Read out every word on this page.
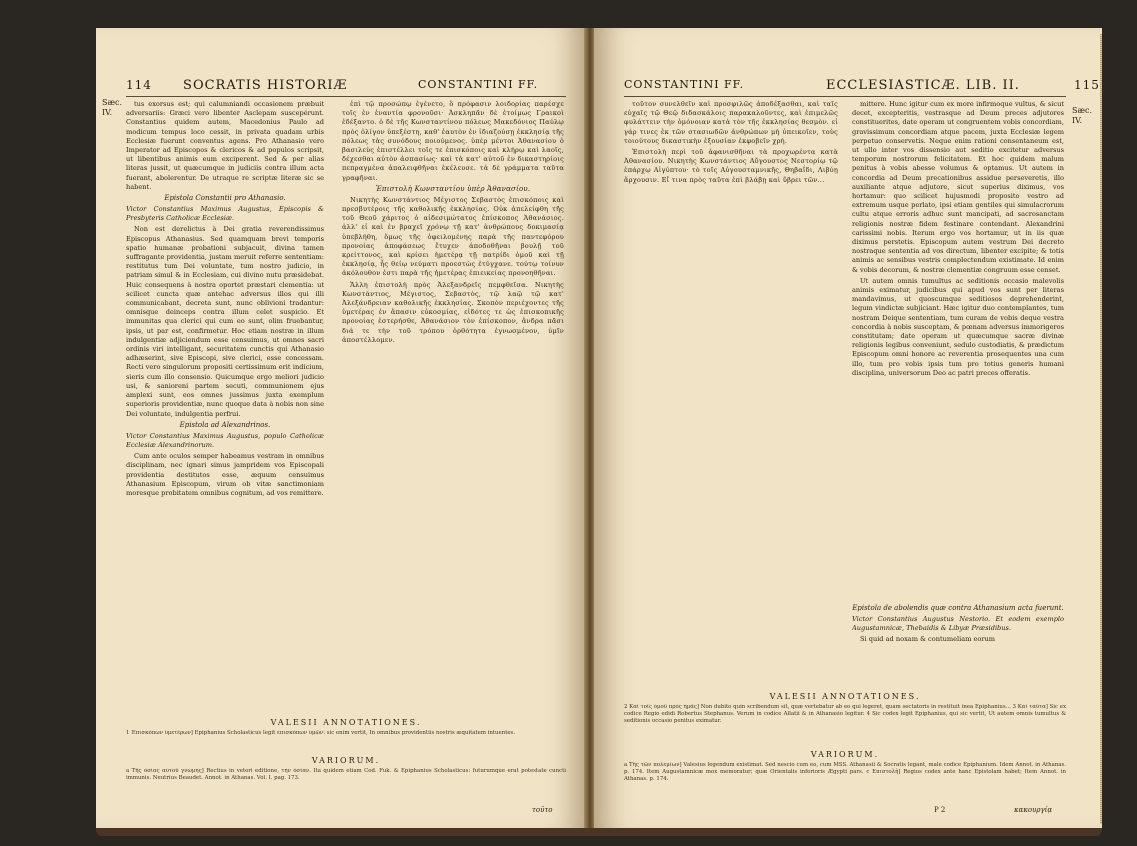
114 SOCRATIS HISTORIÆ	CONSTANTINI FF.
Sæc. IV.

tus exorsus est; qui calumniandi occasionem præbuit adversariis: Græci vero libenter Asclepam suscepérunt. Constantius quidem autem, Macedonius Paulo ad modicum tempus loco cessit, in privata quadam urbis Ecclesiæ fuerunt conventus agens. Pro Athanasio vero Imperator ad Episcopos & clericos & ad populos scripsit, ut libentibus animis eum exciperent. Sed & per alias literas jussit, ut quæcumque in judiciis contra illum acta fuerant, abolerentur. De utraque re scriptæ literæ sic se habent.

Epistola Constantii pro Athanasio.

Victor Constantius Maximus Augustus, Episcopis & Presbyteris Catholicæ Ecclesiæ.

Non est derelictus à Dei gratia reverendissimus Episcopus Athanasius. Sed quamquam brevi temporis spatio humanæ probationi subjacuit, divina tamen suffragante providentia, justam meruit referre sententiam: restitutus tum Dei voluntate, tum nostro judicio, in patriam simul & in Ecclesiam, cui divino nutu præsidebat. Huic consequens à nostra oportet præstari clementia: ut scilicet cuncta quæ antehac adversus illos qui illi communicabant, decreta sunt, nunc oblivioni tradantur: omnisque deinceps contra illum celet suspicio. Et immunitas qua clerici qui cum eo sunt, olim fruebantur, ipsis, ut par est, confirmetur. Hoc etiam nostræ in illum indulgentiæ adjiciendum esse censuimus, ut omnes sacri ordinis viri intelligant, securitatem cunctis qui Athanasio adhæserint, sive Episcopi, sive clerici, esse concessam. Recti vero singulorum propositi certissimum erit indicium, sieris cum illo consensio. Quicumque ergo meliori judicio usi, & sanioreni partem secuti, communionem ejus amplexi sunt, eos omnes jussimus juxta exemplum superioris providentiæ, nunc quoque data à nobis non sine Dei voluntate, indulgentia perfrui.

Epistola ad Alexandrinos.

Victor Constantius Maximus Augustus, populo Catholicæ Ecclesiæ Alexandrinorum.

Cum ante oculos semper habeamus vestram in omnibus disciplinam, nec ignari simus jampridem vos Episcopali providentia destitutos esse, æquum censuimus Athanasium Episcopum, virum ob vitæ sanctimoniam moresque probitatem omnibus cognitum, ad vos remittere.

ἐπὶ τῷ προσώπῳ ἐγένετο, ὃ πρόφασιν λοιδορίας παρέσχε τοῖς ἐν ἐναντία φρονοῦσι· Ἀσκληπᾶν δὲ ἑτοίμως Γραικοὶ ἐδέξαντο. ὁ δὲ τῆς Κωνσταντίνου πόλεως Μακεδόνιος Παύλῳ πρὸς ὀλίγον ὑπεξέστη, καθ' ἑαυτὸν ἐν ἰδιαζούσῃ ἐκκλησίᾳ τῆς πόλεως τὰς συνόδους ποιούμενος. ὑπὲρ μέντοι Ἀθανασίου ὁ βασιλεὺς ἐπιστέλλει τοῖς τε ἐπισκόποις καὶ κλήρῳ καὶ λαοῖς, δέχεσθαι αὐτὸν ἀσπασίως· καὶ τὰ κατ' αὐτοῦ ἐν δικαστηρίοις πεπραγμένα ἀπαλειφθῆναι ἐκέλευσε. τὰ δὲ γράμματα ταῦτα γραφῆναι.

Ἐπιστολὴ Κωνσταντίου ὑπὲρ Ἀθανασίου.

Νικητὴς Κωνστάντιος Μέγιστος Σεβαστὸς ἐπισκόποις καὶ πρεσβυτέροις τῆς καθολικῆς ἐκκλησίας. Οὐκ ἀπελείφθη τῆς τοῦ Θεοῦ χάριτος ὁ αἰδεσιμώτατος ἐπίσκοπος Ἀθανάσιος. ἀλλ' εἰ καὶ ἐν βραχεῖ χρόνῳ τῇ κατ' ἀνθρώπους δοκιμασίᾳ ὑπεβλήθη, ὅμως τῆς ὀφειλομένης παρὰ τῆς παντεφόρου προνοίας ἀποφάσεως ἔτυχεν ἀποδοθῆναι βουλῇ τοῦ κρείττονος, καὶ κρίσει ἡμετέρᾳ τῇ πατρίδι ὁμοῦ καὶ τῇ ἐκκλησίᾳ, ἧς θείῳ νεύματι προεστὼς ἐτύγχανε. τούτῳ τοίνυν ἀκόλουθον ἐστι παρὰ τῆς ἡμετέρας ἐπιεικείας προνοηθῆναι.

Ἄλλη ἐπιστολὴ πρὸς Ἀλεξανδρεῖς πεμφθεῖσα. Νικητὴς Κωνστάντιος, Μέγιστος, Σεβαστὸς, τῷ λαῷ τῷ κατ' Ἀλεξάνδρειαν καθολικῆς ἐκκλησίας. Σκοπὸν περιέχοντες τῆς ὑμετέρας ἐν ἅπασιν εὐκοσμίας, εἰδότες τε ὡς ἐπισκοπικῆς προνοίας ἐστερήσθε, Ἀθανάσιον τὸν ἐπίσκοπον, ἄνδρα πᾶσι διά τε τὴν τοῦ τρόπου ὀρθότητα ἐγνωσμένον, ὑμῖν ἀποστέλλομεν.

VALESII ANNOTATIONES.
1 Ἐπισκόπων ὑμετέρων] Epiphanius Scholasticus legit ἐπισκόπων ὑμῶν: sic enim vertit, In omnibus providentiis nostris æquitatem intuentes.
VARIORUM.
a Τῆς ὀσίας αὐτοῦ γνώμης] Rectius in veteri editione, τὴν ὁσίαν. Ita quidem etiam Cod. Fuk. & Epiphanius Scholasticus: futurumque erat potestate cuncti immunis. Neutrius Beaudet. Annot. in Athanas. Vol. I. pag. 173.
τοῦτο
CONSTANTINI FF.	ECCLESIASTICÆ. LIB. II.	115
Sæc. IV.

τοῦτον συνελθεῖν καὶ προσφιλῶς ἀποδέξασθαι, καὶ ταῖς εὐχαῖς τῷ Θεῷ διδασκάλοις παρακαλοῦντες, καὶ ἐπιμελῶς φυλάττειν τὴν ὁμόνοιαν κατὰ τὸν τῆς ἐκκλησίας θεσμὸν. εἰ γάρ τινες ἐκ τῶν στασιωδῶν ἀνθρώπων μὴ ὑπεικοῖεν, τοὺς τοιούτους δικαστικὴν ἐξουσίαν ἐκφοβεῖν χρὴ.

Ἐπιστολὴ περὶ τοῦ ἀφανισθῆναι τὰ προχωρέντα κατὰ Ἀθανασίου. Νικητὴς Κωνστάντιος Αὔγουστος Νεστορίῳ τῷ ἐπάρχῳ Αἰγύπτου· τὸ τοῖς Αὐγουσταμνικῆς, Θηβαΐδι, Λιβύῃ ἄρχουσιν. Εἴ τινα πρὸς ταῦτα ἐπὶ βλάβῃ καὶ ὕβρει τῶν...

mittere. Hunc igitur cum ex more infirmoque vultus, & sicut decet, excepteritis, vestrasque ad Deum preces adjutores constituerites, date operam ut congruentem vobis concordiam, gravissimum concordiam atque pacem, juxta Ecclesiæ legem perpetuo conservetis. Neque enim rationi consentaneum est, ut ullo inter vos dissensio aut seditio excitetur adversus temporum nostrorum felicitatem. Et hoc quidem malum penitus à vobis abesse volumus & optamus. Ut autem in concordia ad Deum precationibus assidue perseveretis, illo auxiliante atque adjutore, sicut superius diximus, vos hortamur: quo scilicet hujusmodi proposito vestro ad extremum usque perlato, ipsi etiam gentiles qui simulacrorum cultu atque erroris adhuc sunt mancipati, ad sacrosanctam religionis nostræ fidem festinare contendant. Alexandrini carissimi nobis. Iterum ergo vos hortamur, ut in iis quæ diximus perstetis. Episcopum autem vestrum Dei decreto nostraque sententia ad vos directum, libenter excipite; & totis animis ac sensibus vestris complectendum existimate. Id enim & vobis decorum, & nostræ clementiæ congruum esse censet.

Ut autem omnis tumultus ac seditionis occasio malevolis animis eximatur, judicibus qui apud vos sunt per literas mandavimus, ut quoscumque seditiosos deprehenderint, legum vindictæ subjiciant. Hæc igitur duo contemplantes, tum nostram Deique sententiam, tum curam de vobis deque vestra concordia à nobis susceptam, & pœnam adversus immorigeros constitutam; date operam ut quæcumque sacræ divinæ religionis legibus conveniunt, sedulo custodiatis, & prædictum Episcopum omni honore ac reverentia prosequentes una cum illo, tum pro vobis ipsis tum pro totius generis humani disciplina, universorum Deo ac patri preces offeratis.

Epistola de abolendis quæ contra Athanasium acta fuerunt.

Victor Constantius Augustus Nestorio. Et eodem exemplo Augustamnicæ, Thebaidis & Libyæ Præsidibus.

Si quid ad noxam & contumeliam eorum

VALESII ANNOTATIONES.
2 Καὶ τοῖς ὁμοῦ πρὸς ἡμᾶς] Non dubito quin scribendum sit, quæ vertebatur ab eo qui legeret, quam sectatoris in restituit inea Epiphanius... 3 Καὶ ταῦτα] Sic ex codice Regio edidi Robertus Stephanus. Verum in codice Allatii & in Athanasio legitur. 4 Sic codex legit Epiphanius, qui sic vertit, Ut autem omnis tumultus & seditionis occasio penitus eximatur.
VARIORUM.
a Τῆς τῶν πολεμίων] Valesius legendum existimat. Sed nescio cum eo, cum MSS. Athanasii & Socratis legant, male codice Epiphanium. Idem Annot. in Athanas. p. 174. Item Augustamnicæ mox memoratur; quæ Orientalis inferioris Ægypti pars. c Επιστολὴ] Regius codex ante hanc Epistolam habet; Item Annot. in Athanas. p. 174.
P 2	κακουργίᾳ
